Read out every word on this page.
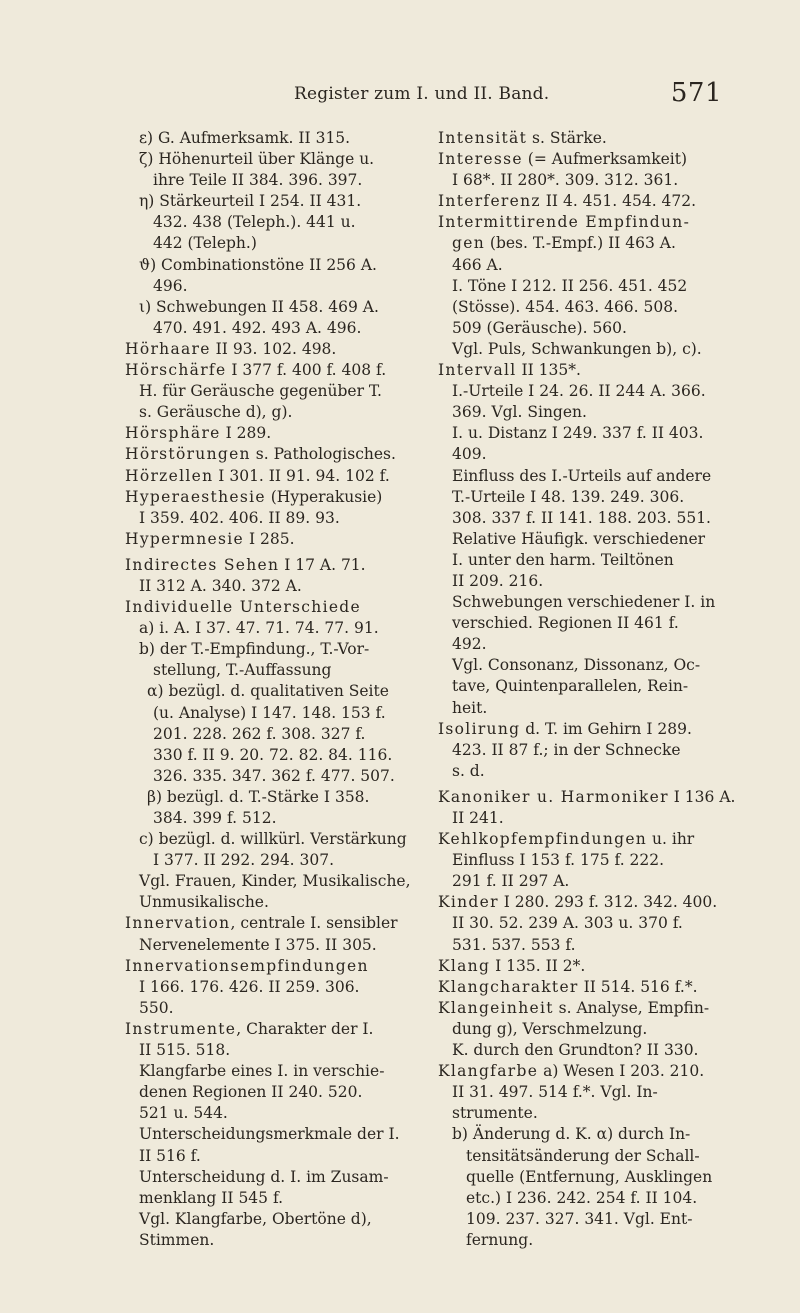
Register zum I. und II. Band.	571
ε) G. Aufmerksamk. II 315.
ζ) Höhenurteil über Klänge u.
ihre Teile II 384. 396. 397.
η) Stärkeurteil I 254. II 431.
432. 438 (Teleph.). 441 u.
442 (Teleph.)
ϑ) Combinationstöne II 256 A.
496.
ι) Schwebungen II 458. 469 A.
470. 491. 492. 493 A. 496.
Hörhaare II 93. 102. 498.
Hörschärfe I 377 f. 400 f. 408 f.
H. für Geräusche gegenüber T.
s. Geräusche d), g).
Hörsphäre I 289.
Hörstörungen s. Pathologisches.
Hörzellen I 301. II 91. 94. 102 f.
Hyperaesthesie (Hyperakusie)
I 359. 402. 406. II 89. 93.
Hypermnesie I 285.
Indirectes Sehen I 17 A. 71.
II 312 A. 340. 372 A.
Individuelle Unterschiede
a) i. A. I 37. 47. 71. 74. 77. 91.
b) der T.-Empfindung., T.-Vor-
stellung, T.-Auffassung
α) bezügl. d. qualitativen Seite
(u. Analyse) I 147. 148. 153 f.
201. 228. 262 f. 308. 327 f.
330 f. II 9. 20. 72. 82. 84. 116.
326. 335. 347. 362 f. 477. 507.
β) bezügl. d. T.-Stärke I 358.
384. 399 f. 512.
c) bezügl. d. willkürl. Verstärkung
I 377. II 292. 294. 307.
Vgl. Frauen, Kinder, Musikalische,
Unmusikalische.
Innervation, centrale I. sensibler
Nervenelemente I 375. II 305.
Innervationsempfindungen
I 166. 176. 426. II 259. 306.
550.
Instrumente, Charakter der I.
II 515. 518.
Klangfarbe eines I. in verschie-
denen Regionen II 240. 520.
521 u. 544.
Unterscheidungsmerkmale der I.
II 516 f.
Unterscheidung d. I. im Zusam-
menklang II 545 f.
Vgl. Klangfarbe, Obertöne d),
Stimmen.
Intensität s. Stärke.
Interesse (= Aufmerksamkeit)
I 68*. II 280*. 309. 312. 361.
Interferenz II 4. 451. 454. 472.
Intermittirende Empfindun-
gen (bes. T.-Empf.) II 463 A.
466 A.
I. Töne I 212. II 256. 451. 452
(Stösse). 454. 463. 466. 508.
509 (Geräusche). 560.
Vgl. Puls, Schwankungen b), c).
Intervall II 135*.
I.-Urteile I 24. 26. II 244 A. 366.
369. Vgl. Singen.
I. u. Distanz I 249. 337 f. II 403.
409.
Einfluss des I.-Urteils auf andere
T.-Urteile I 48. 139. 249. 306.
308. 337 f. II 141. 188. 203. 551.
Relative Häufigk. verschiedener
I. unter den harm. Teiltönen
II 209. 216.
Schwebungen verschiedener I. in
verschied. Regionen II 461 f.
492.
Vgl. Consonanz, Dissonanz, Oc-
tave, Quintenparallelen, Rein-
heit.
Isolirung d. T. im Gehirn I 289.
423. II 87 f.; in der Schnecke
s. d.
Kanoniker u. Harmoniker I 136 A.
II 241.
Kehlkopfempfindungen u. ihr
Einfluss I 153 f. 175 f. 222.
291 f. II 297 A.
Kinder I 280. 293 f. 312. 342. 400.
II 30. 52. 239 A. 303 u. 370 f.
531. 537. 553 f.
Klang I 135. II 2*.
Klangcharakter II 514. 516 f.*.
Klangeinheit s. Analyse, Empfin-
dung g), Verschmelzung.
K. durch den Grundton? II 330.
Klangfarbe a) Wesen I 203. 210.
II 31. 497. 514 f.*. Vgl. In-
strumente.
b) Änderung d. K. α) durch In-
tensitätsänderung der Schall-
quelle (Entfernung, Ausklingen
etc.) I 236. 242. 254 f. II 104.
109. 237. 327. 341. Vgl. Ent-
fernung.
